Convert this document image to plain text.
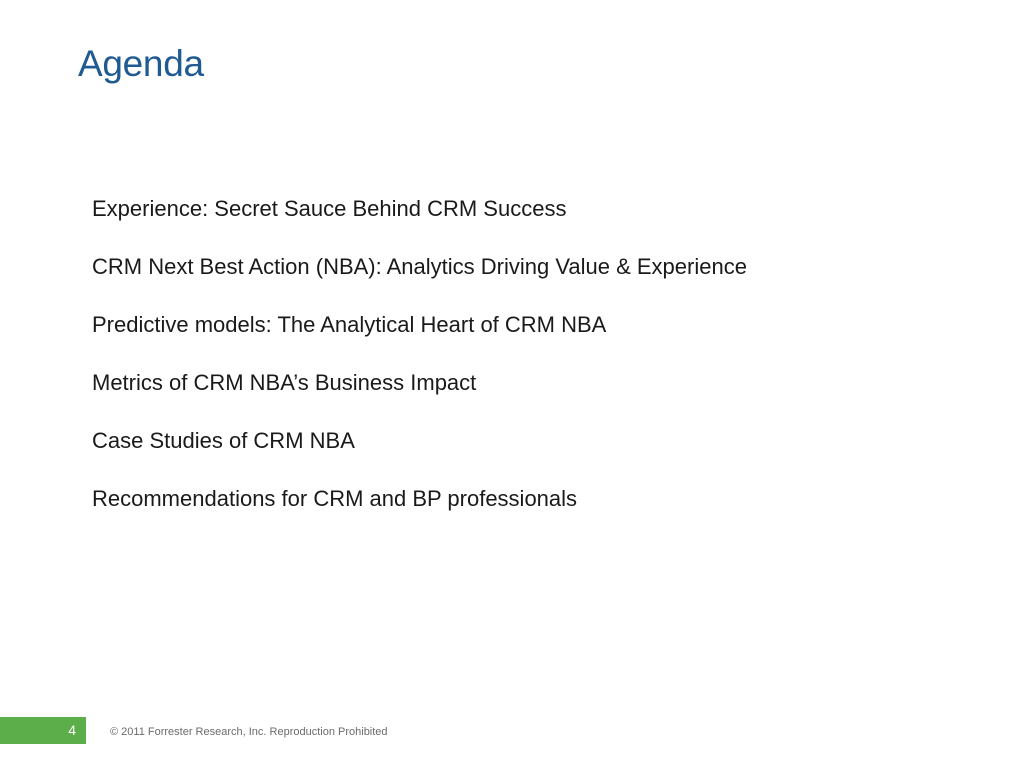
Agenda
Experience: Secret Sauce Behind CRM Success
CRM Next Best Action (NBA): Analytics Driving Value & Experience
Predictive models: The Analytical Heart of CRM NBA
Metrics of CRM NBA’s Business Impact
Case Studies of CRM NBA
Recommendations for CRM and BP professionals
4	© 2011 Forrester Research, Inc. Reproduction Prohibited
